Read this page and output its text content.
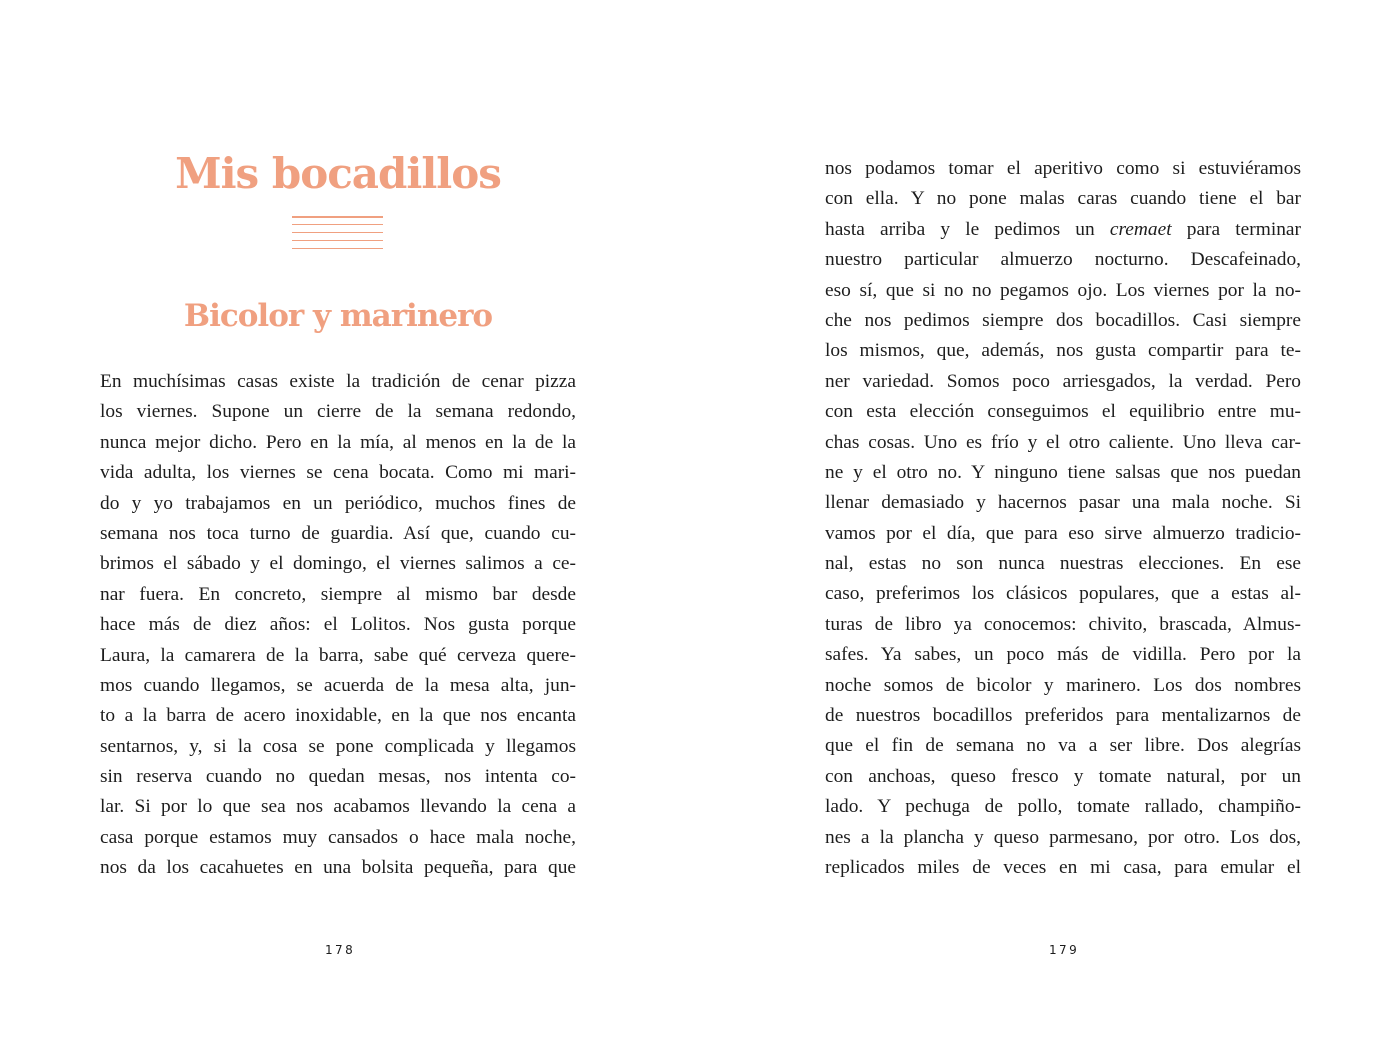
Mis bocadillos
Bicolor y marinero
En muchísimas casas existe la tradición de cenar pizza
los viernes. Supone un cierre de la semana redondo,
nunca mejor dicho. Pero en la mía, al menos en la de la
vida adulta, los viernes se cena bocata. Como mi mari-
do y yo trabajamos en un periódico, muchos fines de
semana nos toca turno de guardia. Así que, cuando cu-
brimos el sábado y el domingo, el viernes salimos a ce-
nar fuera. En concreto, siempre al mismo bar desde
hace más de diez años: el Lolitos. Nos gusta porque
Laura, la camarera de la barra, sabe qué cerveza quere-
mos cuando llegamos, se acuerda de la mesa alta, jun-
to a la barra de acero inoxidable, en la que nos encanta
sentarnos, y, si la cosa se pone complicada y llegamos
sin reserva cuando no quedan mesas, nos intenta co-
lar. Si por lo que sea nos acabamos llevando la cena a
casa porque estamos muy cansados o hace mala noche,
nos da los cacahuetes en una bolsita pequeña, para que

178

nos podamos tomar el aperitivo como si estuviéramos
con ella. Y no pone malas caras cuando tiene el bar
hasta arriba y le pedimos un cremaet para terminar
nuestro particular almuerzo nocturno. Descafeinado,
eso sí, que si no no pegamos ojo. Los viernes por la no-
che nos pedimos siempre dos bocadillos. Casi siempre
los mismos, que, además, nos gusta compartir para te-
ner variedad. Somos poco arriesgados, la verdad. Pero
con esta elección conseguimos el equilibrio entre mu-
chas cosas. Uno es frío y el otro caliente. Uno lleva car-
ne y el otro no. Y ninguno tiene salsas que nos puedan
llenar demasiado y hacernos pasar una mala noche. Si
vamos por el día, que para eso sirve almuerzo tradicio-
nal, estas no son nunca nuestras elecciones. En ese
caso, preferimos los clásicos populares, que a estas al-
turas de libro ya conocemos: chivito, brascada, Almus-
safes. Ya sabes, un poco más de vidilla. Pero por la
noche somos de bicolor y marinero. Los dos nombres
de nuestros bocadillos preferidos para mentalizarnos de
que el fin de semana no va a ser libre. Dos alegrías
con anchoas, queso fresco y tomate natural, por un
lado. Y pechuga de pollo, tomate rallado, champiño-
nes a la plancha y queso parmesano, por otro. Los dos,
replicados miles de veces en mi casa, para emular el

179
